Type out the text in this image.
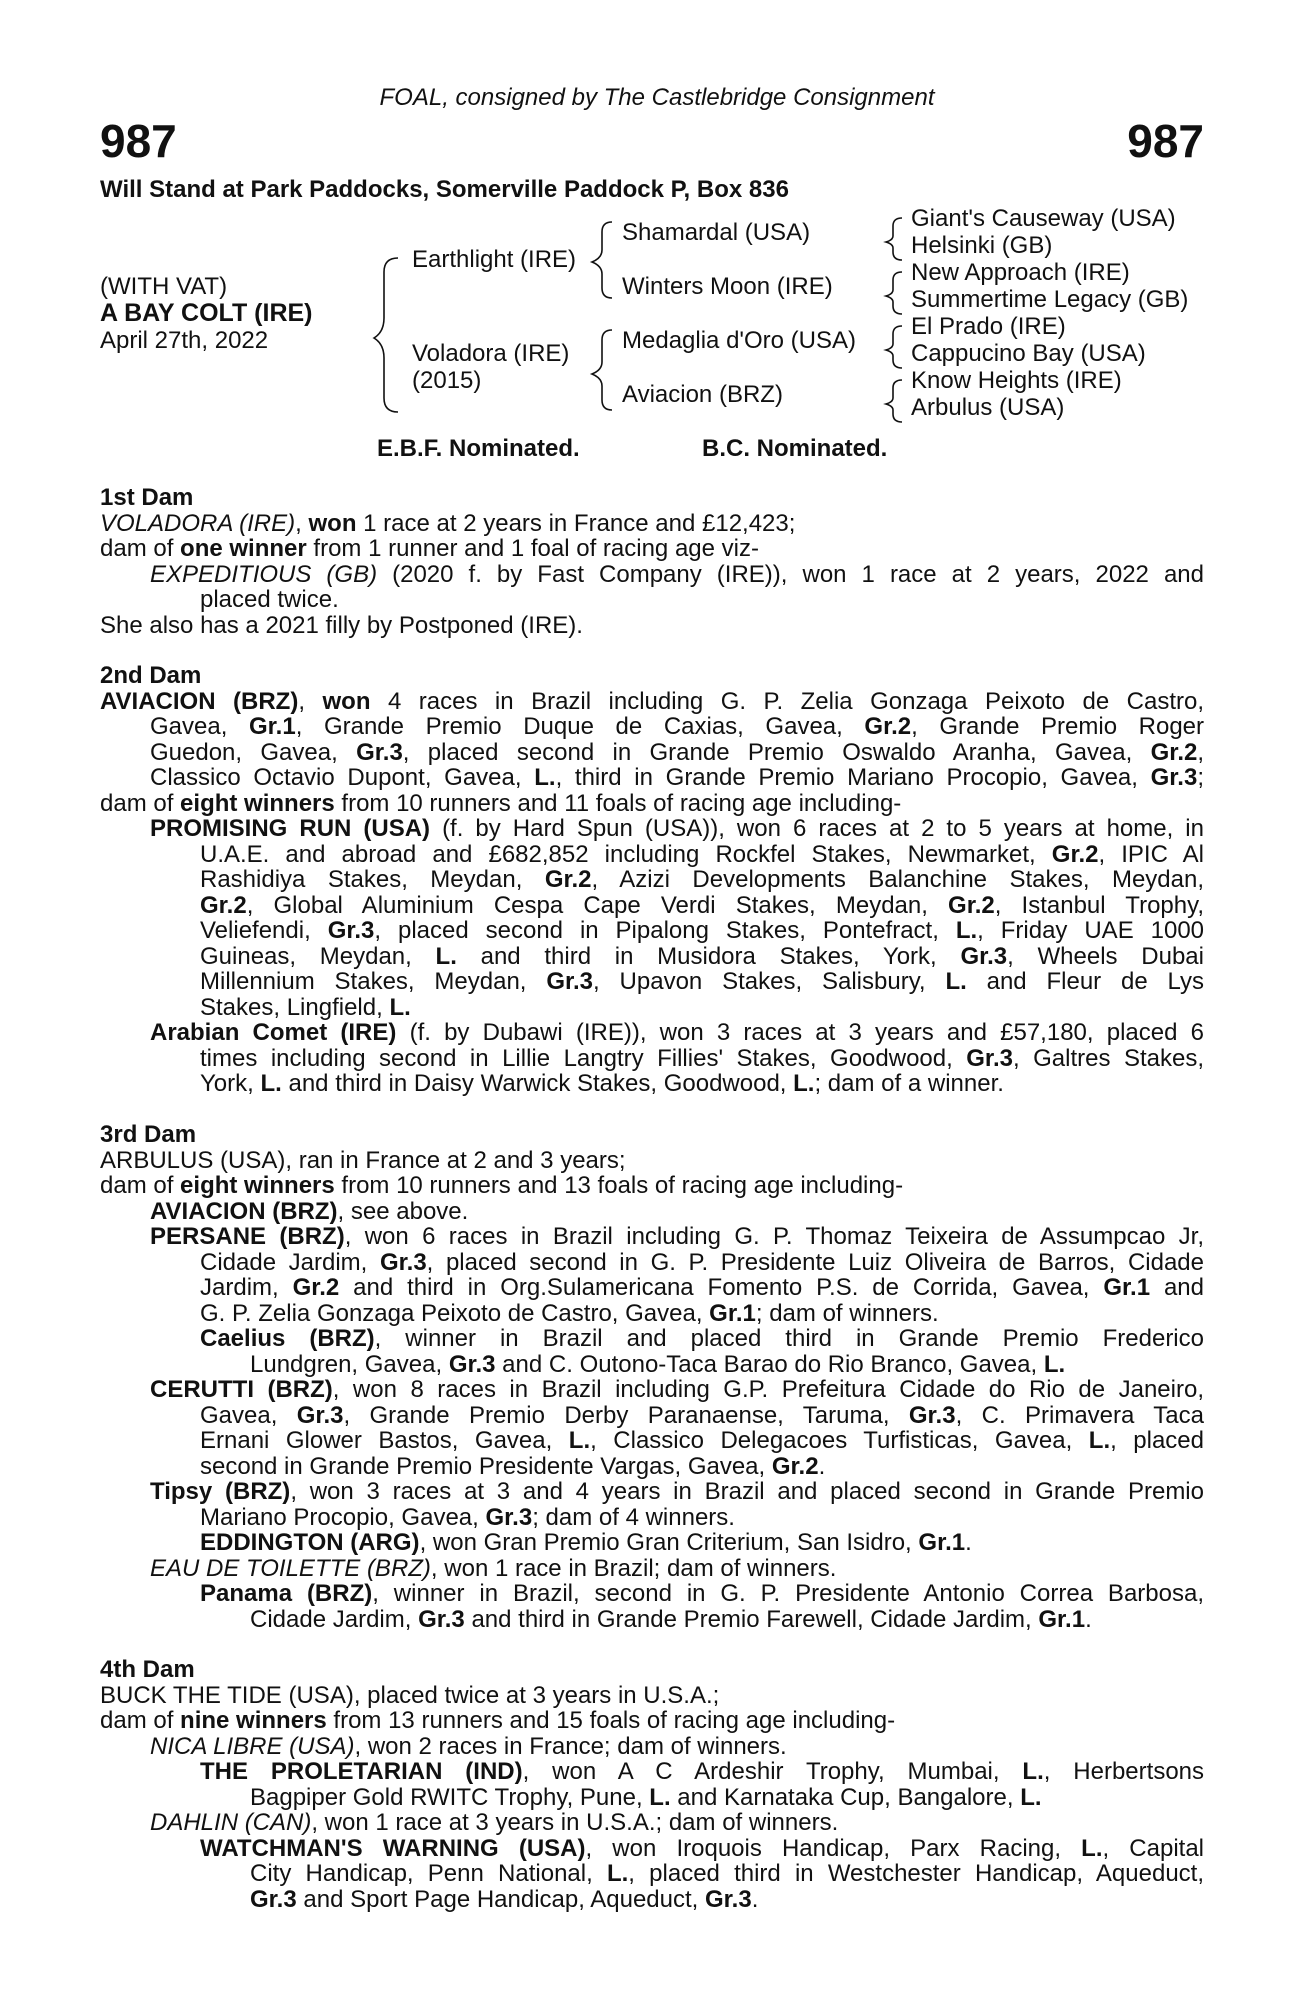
FOAL, consigned by The Castlebridge Consignment
987	987
Will Stand at Park Paddocks, Somerville Paddock P, Box 836
(WITH VAT)
A BAY COLT (IRE)
April 27th, 2022
Earthlight (IRE)
Voladora (IRE)
(2015)
Shamardal (USA)
Winters Moon (IRE)
Medaglia d'Oro (USA)
Aviacion (BRZ)
Giant's Causeway (USA)
Helsinki (GB)
New Approach (IRE)
Summertime Legacy (GB)
El Prado (IRE)
Cappucino Bay (USA)
Know Heights (IRE)
Arbulus (USA)
E.B.F. Nominated.	B.C. Nominated.
1st Dam
VOLADORA (IRE), won 1 race at 2 years in France and £12,423;
dam of one winner from 1 runner and 1 foal of racing age viz-
EXPEDITIOUS (GB) (2020 f. by Fast Company (IRE)), won 1 race at 2 years, 2022 and
placed twice.
She also has a 2021 filly by Postponed (IRE).
2nd Dam
AVIACION (BRZ), won 4 races in Brazil including G. P. Zelia Gonzaga Peixoto de Castro,
Gavea, Gr.1, Grande Premio Duque de Caxias, Gavea, Gr.2, Grande Premio Roger
Guedon, Gavea, Gr.3, placed second in Grande Premio Oswaldo Aranha, Gavea, Gr.2,
Classico Octavio Dupont, Gavea, L., third in Grande Premio Mariano Procopio, Gavea, Gr.3;
dam of eight winners from 10 runners and 11 foals of racing age including-
PROMISING RUN (USA) (f. by Hard Spun (USA)), won 6 races at 2 to 5 years at home, in
U.A.E. and abroad and £682,852 including Rockfel Stakes, Newmarket, Gr.2, IPIC Al
Rashidiya Stakes, Meydan, Gr.2, Azizi Developments Balanchine Stakes, Meydan,
Gr.2, Global Aluminium Cespa Cape Verdi Stakes, Meydan, Gr.2, Istanbul Trophy,
Veliefendi, Gr.3, placed second in Pipalong Stakes, Pontefract, L., Friday UAE 1000
Guineas, Meydan, L. and third in Musidora Stakes, York, Gr.3, Wheels Dubai
Millennium Stakes, Meydan, Gr.3, Upavon Stakes, Salisbury, L. and Fleur de Lys
Stakes, Lingfield, L.
Arabian Comet (IRE) (f. by Dubawi (IRE)), won 3 races at 3 years and £57,180, placed 6
times including second in Lillie Langtry Fillies' Stakes, Goodwood, Gr.3, Galtres Stakes,
York, L. and third in Daisy Warwick Stakes, Goodwood, L.; dam of a winner.
3rd Dam
ARBULUS (USA), ran in France at 2 and 3 years;
dam of eight winners from 10 runners and 13 foals of racing age including-
AVIACION (BRZ), see above.
PERSANE (BRZ), won 6 races in Brazil including G. P. Thomaz Teixeira de Assumpcao Jr,
Cidade Jardim, Gr.3, placed second in G. P. Presidente Luiz Oliveira de Barros, Cidade
Jardim, Gr.2 and third in Org.Sulamericana Fomento P.S. de Corrida, Gavea, Gr.1 and
G. P. Zelia Gonzaga Peixoto de Castro, Gavea, Gr.1; dam of winners.
Caelius (BRZ), winner in Brazil and placed third in Grande Premio Frederico
Lundgren, Gavea, Gr.3 and C. Outono-Taca Barao do Rio Branco, Gavea, L.
CERUTTI (BRZ), won 8 races in Brazil including G.P. Prefeitura Cidade do Rio de Janeiro,
Gavea, Gr.3, Grande Premio Derby Paranaense, Taruma, Gr.3, C. Primavera Taca
Ernani Glower Bastos, Gavea, L., Classico Delegacoes Turfisticas, Gavea, L., placed
second in Grande Premio Presidente Vargas, Gavea, Gr.2.
Tipsy (BRZ), won 3 races at 3 and 4 years in Brazil and placed second in Grande Premio
Mariano Procopio, Gavea, Gr.3; dam of 4 winners.
EDDINGTON (ARG), won Gran Premio Gran Criterium, San Isidro, Gr.1.
EAU DE TOILETTE (BRZ), won 1 race in Brazil; dam of winners.
Panama (BRZ), winner in Brazil, second in G. P. Presidente Antonio Correa Barbosa,
Cidade Jardim, Gr.3 and third in Grande Premio Farewell, Cidade Jardim, Gr.1.
4th Dam
BUCK THE TIDE (USA), placed twice at 3 years in U.S.A.;
dam of nine winners from 13 runners and 15 foals of racing age including-
NICA LIBRE (USA), won 2 races in France; dam of winners.
THE PROLETARIAN (IND), won A C Ardeshir Trophy, Mumbai, L., Herbertsons
Bagpiper Gold RWITC Trophy, Pune, L. and Karnataka Cup, Bangalore, L.
DAHLIN (CAN), won 1 race at 3 years in U.S.A.; dam of winners.
WATCHMAN'S WARNING (USA), won Iroquois Handicap, Parx Racing, L., Capital
City Handicap, Penn National, L., placed third in Westchester Handicap, Aqueduct,
Gr.3 and Sport Page Handicap, Aqueduct, Gr.3.
